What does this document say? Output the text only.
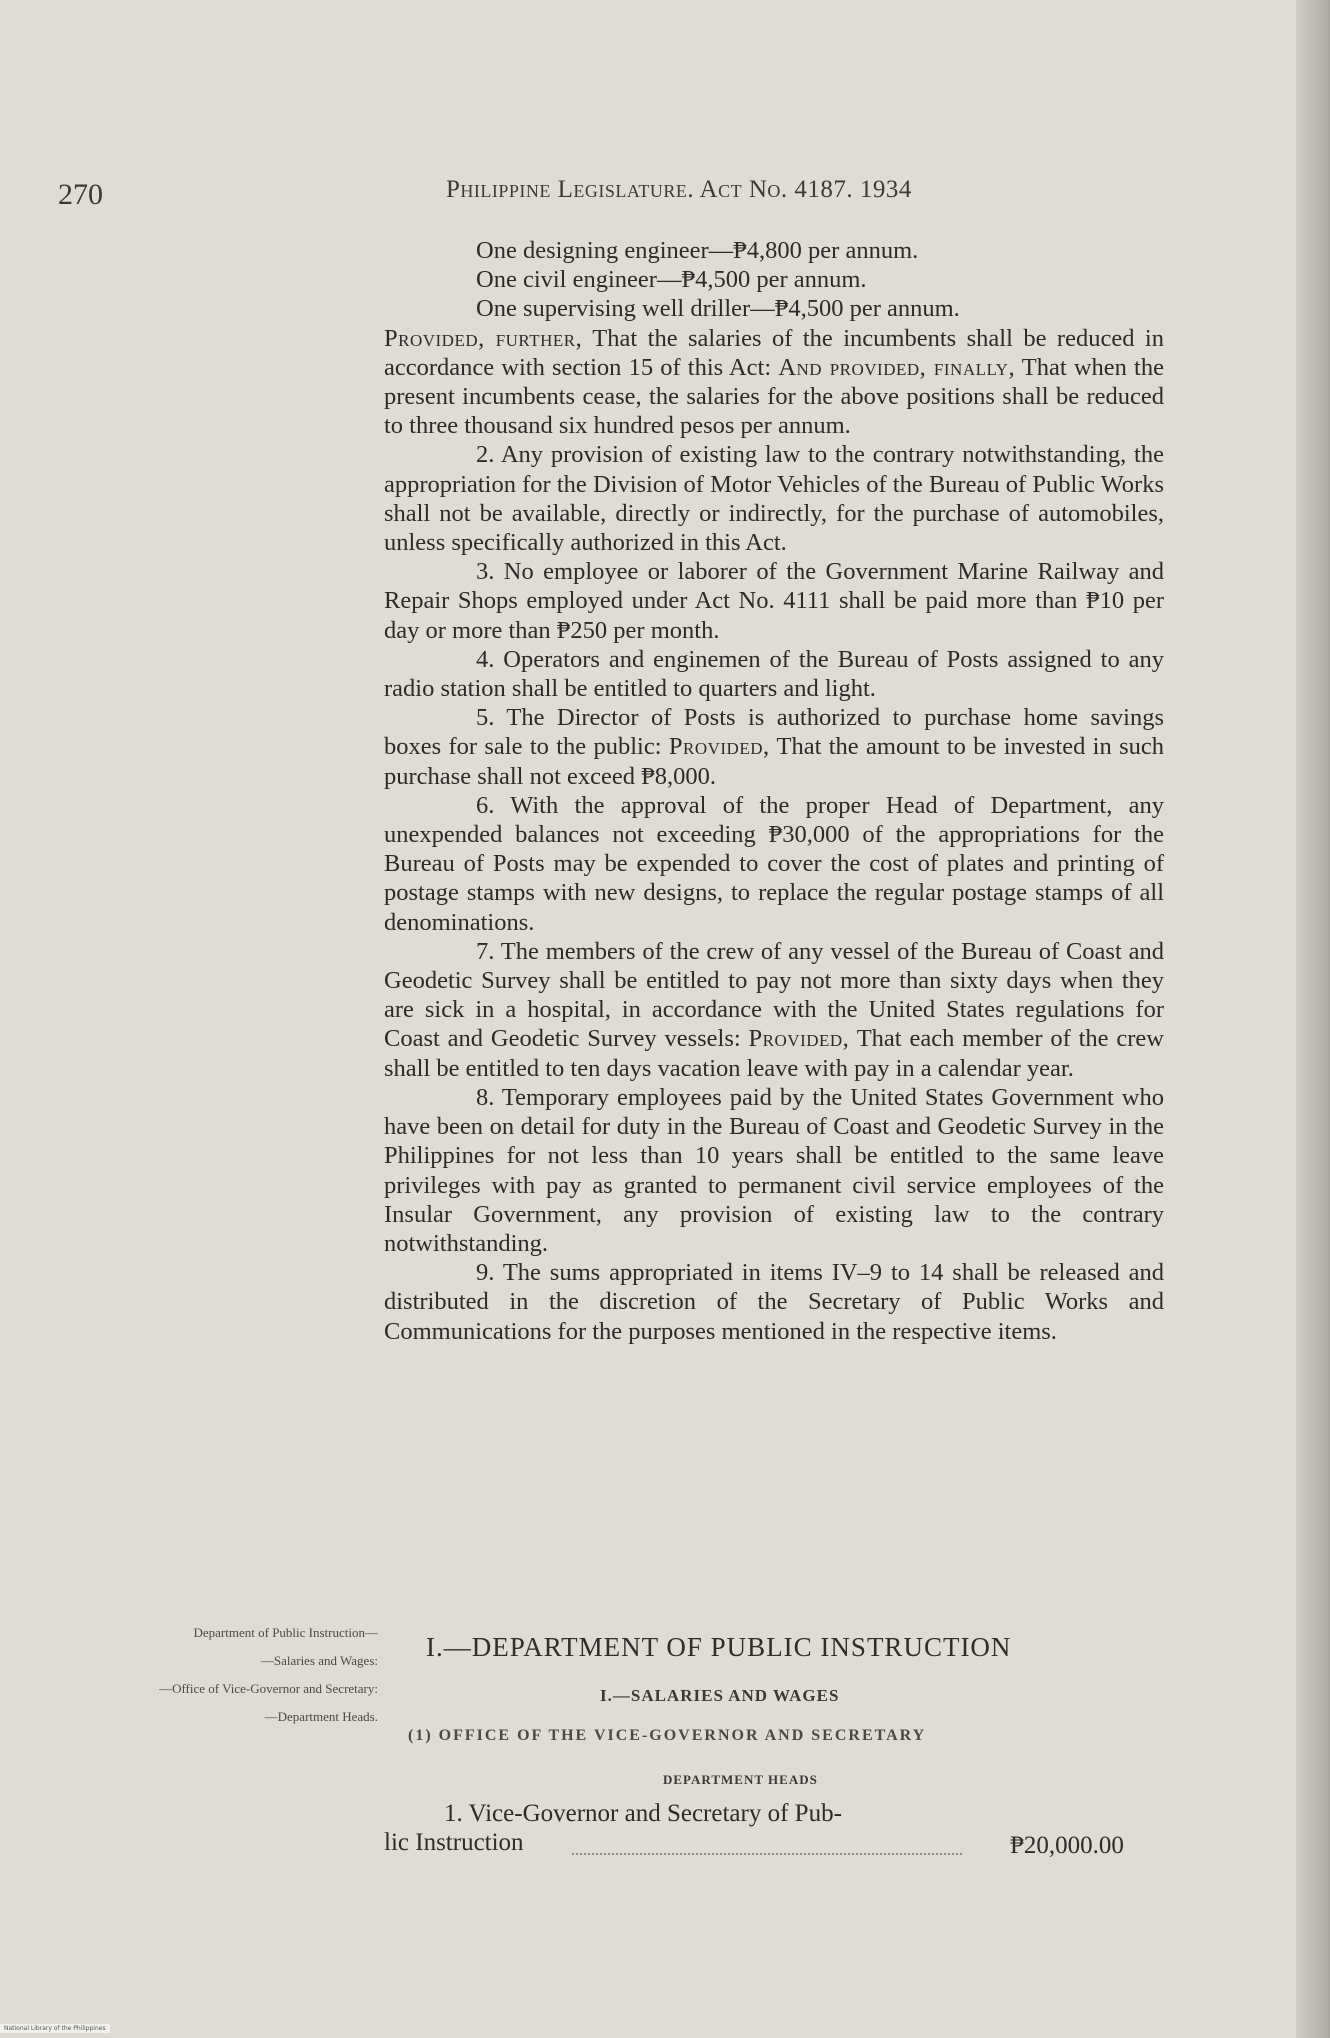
270	Philippine Legislature. Act No. 4187. 1934

One designing engineer—₱4,800 per annum.

One civil engineer—₱4,500 per annum.

One supervising well driller—₱4,500 per annum.

Provided, further, That the salaries of the incumbents shall be reduced in accordance with section 15 of this Act: And provided, finally, That when the present incumbents cease, the salaries for the above positions shall be reduced to three thousand six hundred pesos per annum.

2. Any provision of existing law to the contrary notwithstanding, the appropriation for the Division of Motor Vehicles of the Bureau of Public Works shall not be available, directly or indirectly, for the purchase of automobiles, unless specifically authorized in this Act.

3. No employee or laborer of the Government Marine Railway and Repair Shops employed under Act No. 4111 shall be paid more than ₱10 per day or more than ₱250 per month.

4. Operators and enginemen of the Bureau of Posts assigned to any radio station shall be entitled to quarters and light.

5. The Director of Posts is authorized to purchase home savings boxes for sale to the public: Provided, That the amount to be invested in such purchase shall not exceed ₱8,000.

6. With the approval of the proper Head of Department, any unexpended balances not exceeding ₱30,000 of the appropriations for the Bureau of Posts may be expended to cover the cost of plates and printing of postage stamps with new designs, to replace the regular postage stamps of all denominations.

7. The members of the crew of any vessel of the Bureau of Coast and Geodetic Survey shall be entitled to pay not more than sixty days when they are sick in a hospital, in accordance with the United States regulations for Coast and Geodetic Survey vessels: Provided, That each member of the crew shall be entitled to ten days vacation leave with pay in a calendar year.

8. Temporary employees paid by the United States Government who have been on detail for duty in the Bureau of Coast and Geodetic Survey in the Philippines for not less than 10 years shall be entitled to the same leave privileges with pay as granted to permanent civil service employees of the Insular Government, any provision of existing law to the contrary notwithstanding.

9. The sums appropriated in items IV–9 to 14 shall be released and distributed in the discretion of the Secretary of Public Works and Communications for the purposes mentioned in the respective items.

Department of Public Instruction—
—Salaries and Wages:
—Office of Vice-Governor and Secretary:
—Department Heads.
I.—DEPARTMENT OF PUBLIC INSTRUCTION
I.—SALARIES AND WAGES
(1) OFFICE OF THE VICE-GOVERNOR AND SECRETARY
DEPARTMENT HEADS
1. Vice-Governor and Secretary of Pub-
lic Instruction	₱20,000.00
National Library of the Philippines
